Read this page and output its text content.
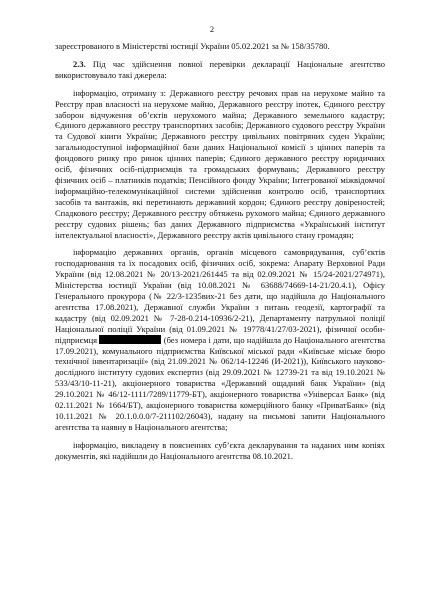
2

зареєстрованого в Міністерстві юстиції України 05.02.2021 за № 158/35780.

2.3. Під час здійснення повної перевірки декларації Національне агентство використовувало такі джерела:

інформацію, отриману з: Державного реєстру речових прав на нерухоме майно та Реєстру прав власності на нерухоме майно, Державного реєстру іпотек, Єдиного реєстру заборон відчуження об’єктів нерухомого майна; Державного земельного кадастру; Єдиного державного реєстру транспортних засобів; Державного судового реєстру України та Судової книги України; Державного реєстру цивільних повітряних суден України; загальнодоступної інформаційної бази даних Національної комісії з цінних паперів та фондового ринку про ринок цінних паперів; Єдиного державного реєстру юридичних осіб, фізичних осіб-підприємців та громадських формувань; Державного реєстру фізичних осіб – платників податків; Пенсійного фонду України; Інтегрованої міжвідомчої інформаційно-телекомунікаційної системи здійснення контролю осіб, транспортних засобів та вантажів, які перетинають державний кордон; Єдиного реєстру довіреностей; Спадкового реєстру; Державного реєстру обтяжень рухомого майна; Єдиного державного реєстру судових рішень; баз даних Державного підприємства «Український інститут інтелектуальної власності», Державного реєстру актів цивільного стану громадян;

інформацію державних органів, органів місцевого самоврядування, суб’єктів господарювання та їх посадових осіб, фізичних осіб, зокрема: Апарату Верховної Ради України (від 12.08.2021 № 20/13-2021/261445 та від 02.09.2021 № 15/24-2021/274971), Міністерства юстиції України (від 10.08.2021 № 63688/74669-14-21/20.4.1), Офісу Генерального прокурора (№ 22/3-1235вих-21 без дати, що надійшла до Національного агентства 17.08.2021), Державної служби України з питань геодезії, картографії та кадастру (від 02.09.2021 № 7-28-0.214-10936/2-21), Департаменту патрульної поліції Національної поліції України (від 01.09.2021 № 19778/41/27/03-2021), фізичної особи-підприємця	(без номера і дати, що надійшла до Національного агентства 17.09.2021), комунального підприємства Київської міської ради «Київське міське бюро технічної інвентаризації» (від 21.09.2021 № 062/14-12246 (И-2021)), Київського науково-дослідного інституту судових експертиз (від 29.09.2021 № 12739-21 та від 19.10.2021 № 533/43/10-11-21), акціонерного товариства «Державний ощадний банк України» (від 29.10.2021 № 46/12-1111/7289/11779-БТ), акціонерного товариства «Універсал Банк» (від 02.11.2021 № 1664/БТ), акціонерного товариства комерційного банку «ПриватБанк» (від 10.11.2021 № 20.1.0.0.0/7-211102/26043), надану на письмові запити Національного агентства та наявну в Національного агентства;

інформацію, викладену в поясненнях суб’єкта декларування та наданих ним копіях документів, які надійшли до Національного агентства 08.10.2021.
